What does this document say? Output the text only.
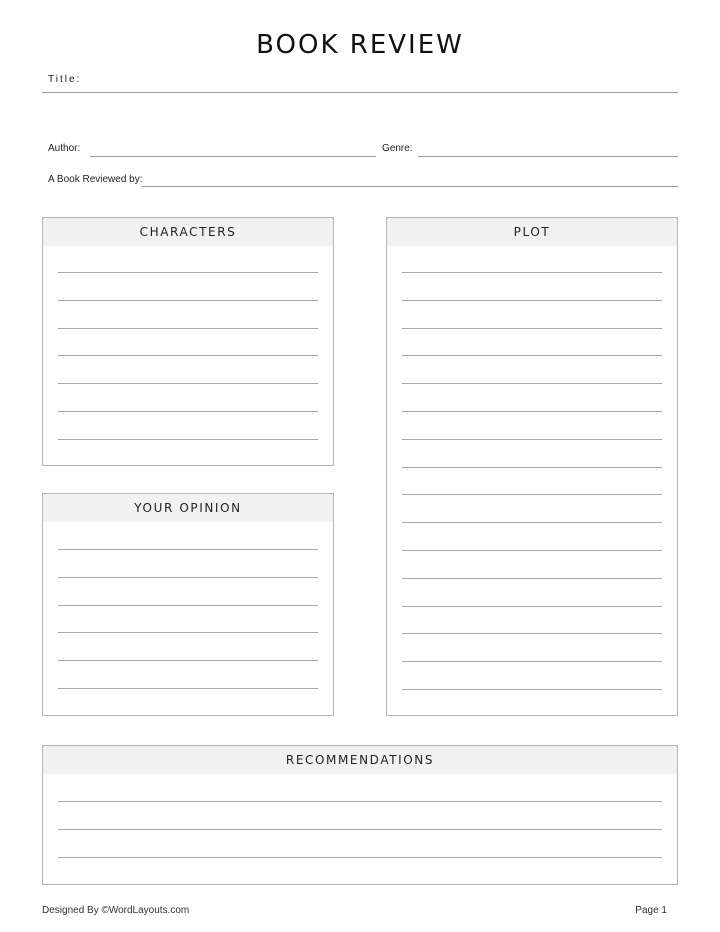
BOOK REVIEW
Title:
Author:	Genre:
A Book Reviewed by:
CHARACTERS	PLOT
YOUR OPINION
RECOMMENDATIONS
Designed By ©WordLayouts.com	Page 1
